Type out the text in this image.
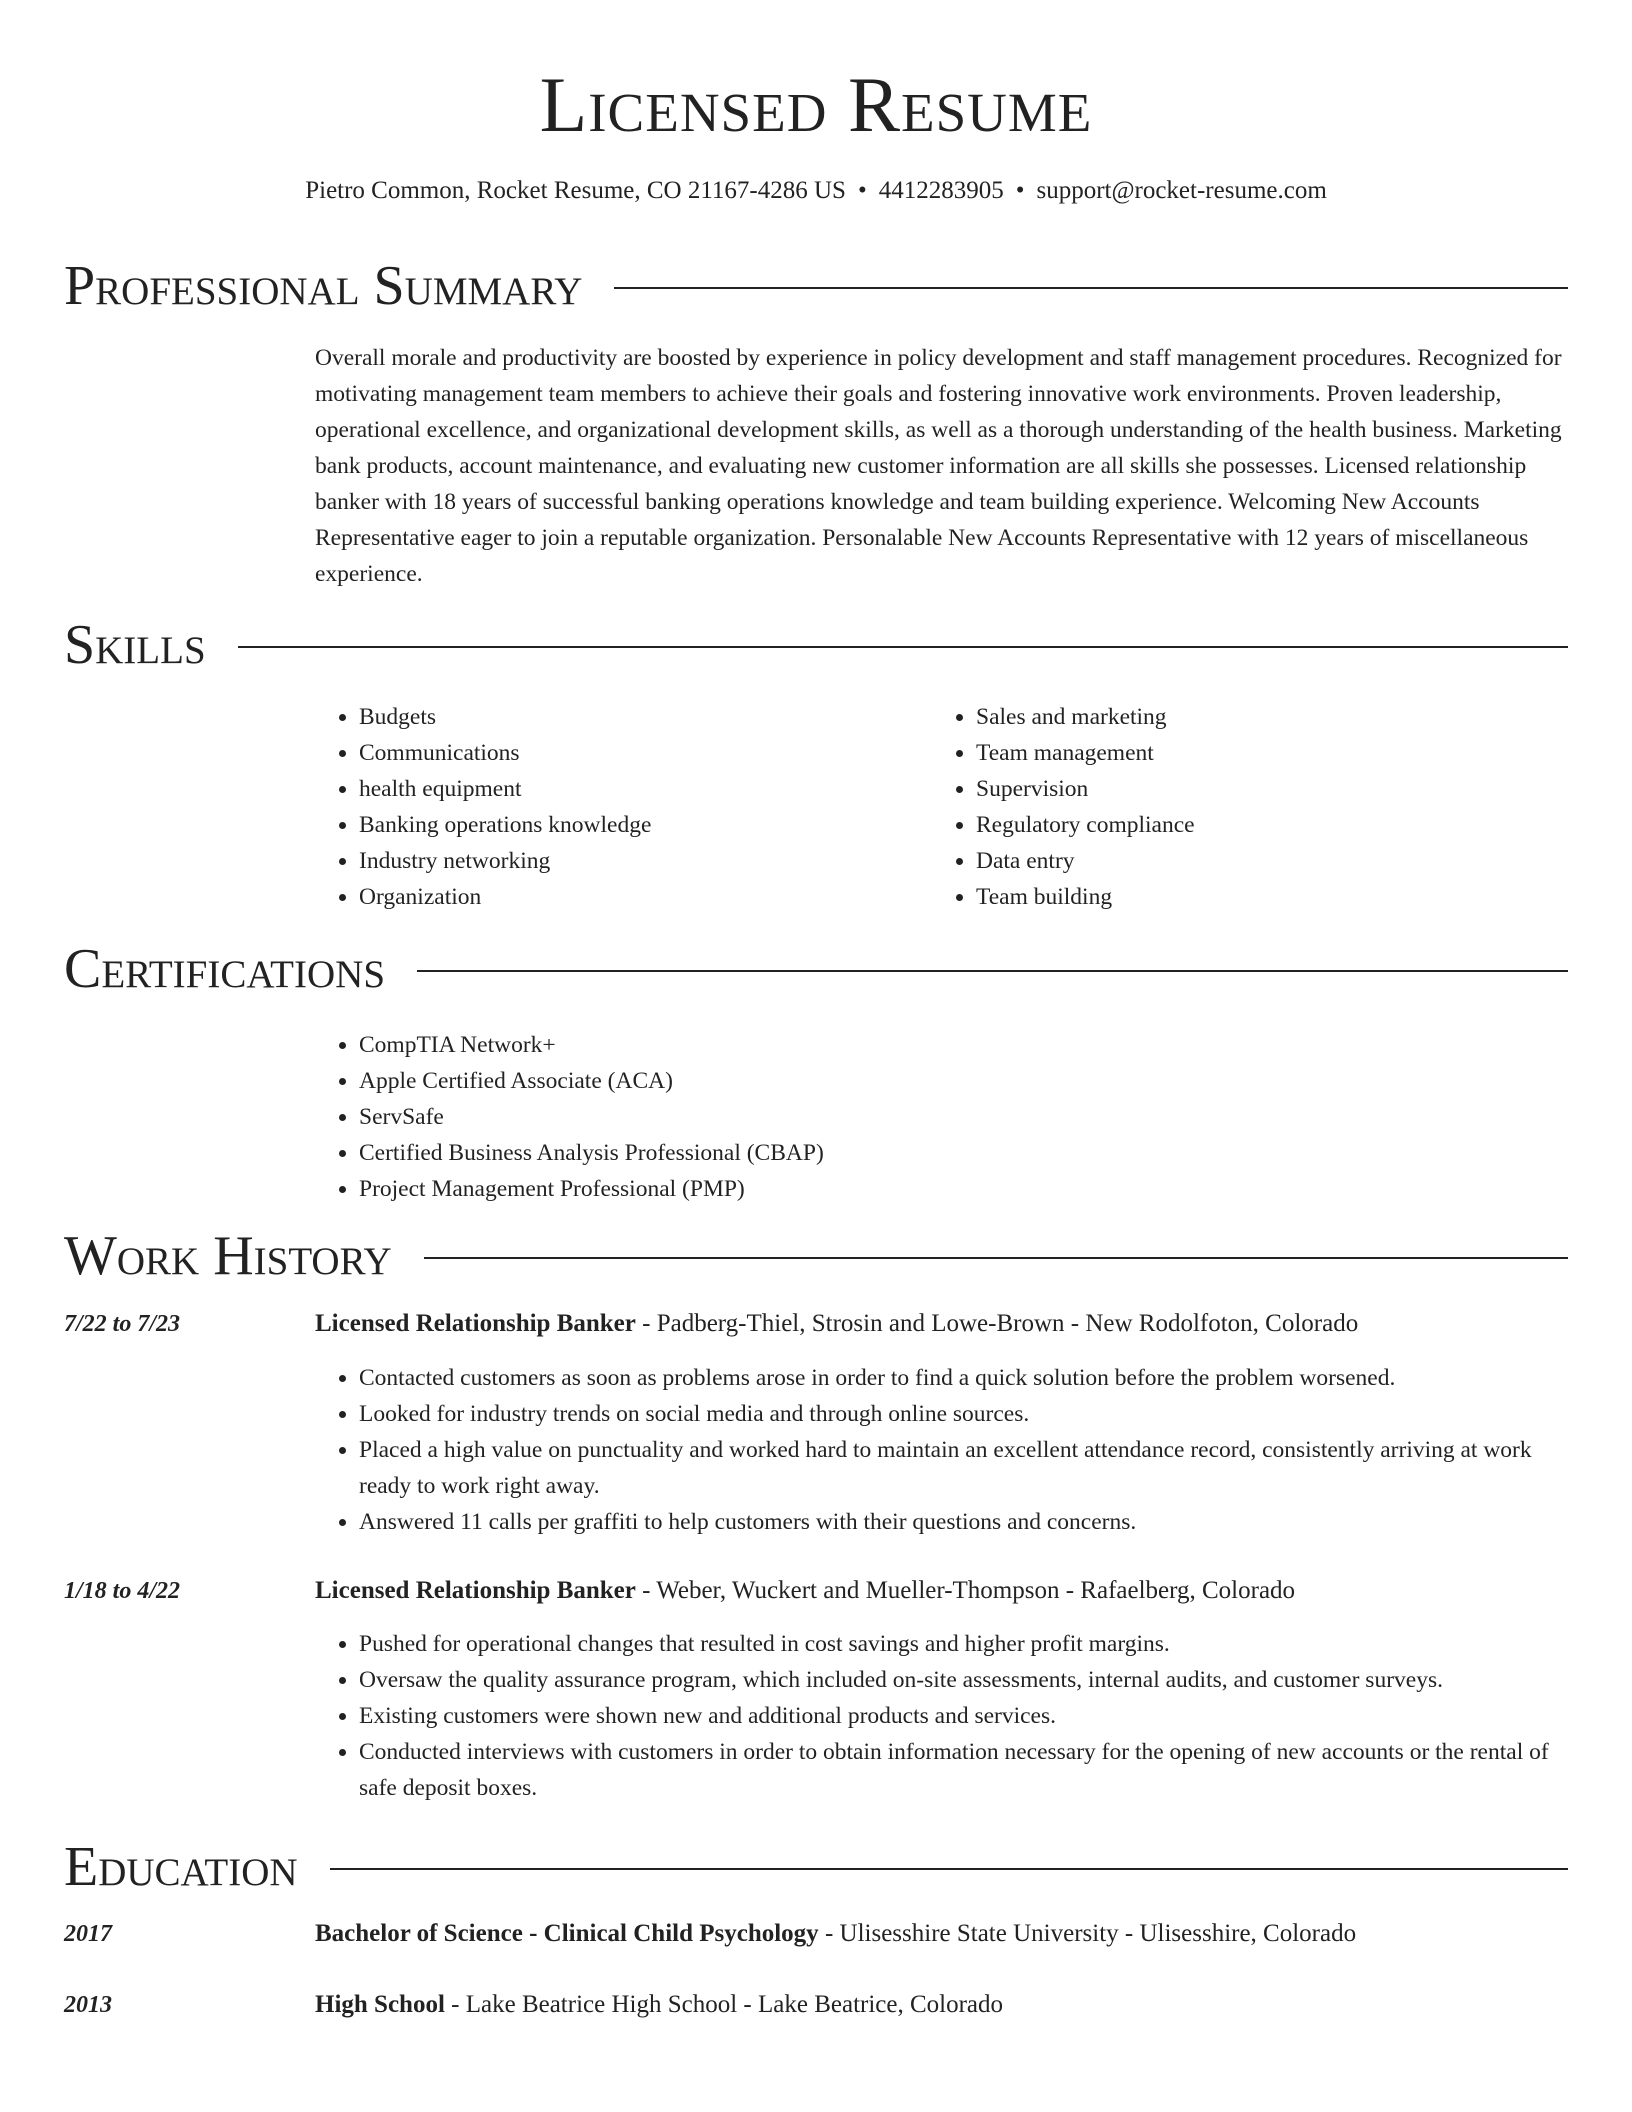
Licensed Resume
Pietro Common, Rocket Resume, CO 21167-4286 US • 4412283905 • support@rocket-resume.com
Professional Summary

Overall morale and productivity are boosted by experience in policy development and staff management procedures. Recognized for motivating management team members to achieve their goals and fostering innovative work environments. Proven leadership, operational excellence, and organizational development skills, as well as a thorough understanding of the health business. Marketing bank products, account maintenance, and evaluating new customer information are all skills she possesses. Licensed relationship banker with 18 years of successful banking operations knowledge and team building experience. Welcoming New Accounts Representative eager to join a reputable organization. Personalable New Accounts Representative with 12 years of miscellaneous experience.

Skills
• Budgets
• Communications
• health equipment
• Banking operations knowledge
• Industry networking
• Organization
• Sales and marketing
• Team management
• Supervision
• Regulatory compliance
• Data entry
• Team building
Certifications
• CompTIA Network+
• Apple Certified Associate (ACA)
• ServSafe
• Certified Business Analysis Professional (CBAP)
• Project Management Professional (PMP)
Work History
7/22 to 7/23	Licensed Relationship Banker - Padberg-Thiel, Strosin and Lowe-Brown - New Rodolfoton, Colorado
• Contacted customers as soon as problems arose in order to find a quick solution before the problem worsened.
• Looked for industry trends on social media and through online sources.
• Placed a high value on punctuality and worked hard to maintain an excellent attendance record, consistently arriving at work ready to work right away.
• Answered 11 calls per graffiti to help customers with their questions and concerns.
1/18 to 4/22	Licensed Relationship Banker - Weber, Wuckert and Mueller-Thompson - Rafaelberg, Colorado
• Pushed for operational changes that resulted in cost savings and higher profit margins.
• Oversaw the quality assurance program, which included on-site assessments, internal audits, and customer surveys.
• Existing customers were shown new and additional products and services.
• Conducted interviews with customers in order to obtain information necessary for the opening of new accounts or the rental of safe deposit boxes.
Education
2017	Bachelor of Science - Clinical Child Psychology - Ulisesshire State University - Ulisesshire, Colorado
2013	High School - Lake Beatrice High School - Lake Beatrice, Colorado
